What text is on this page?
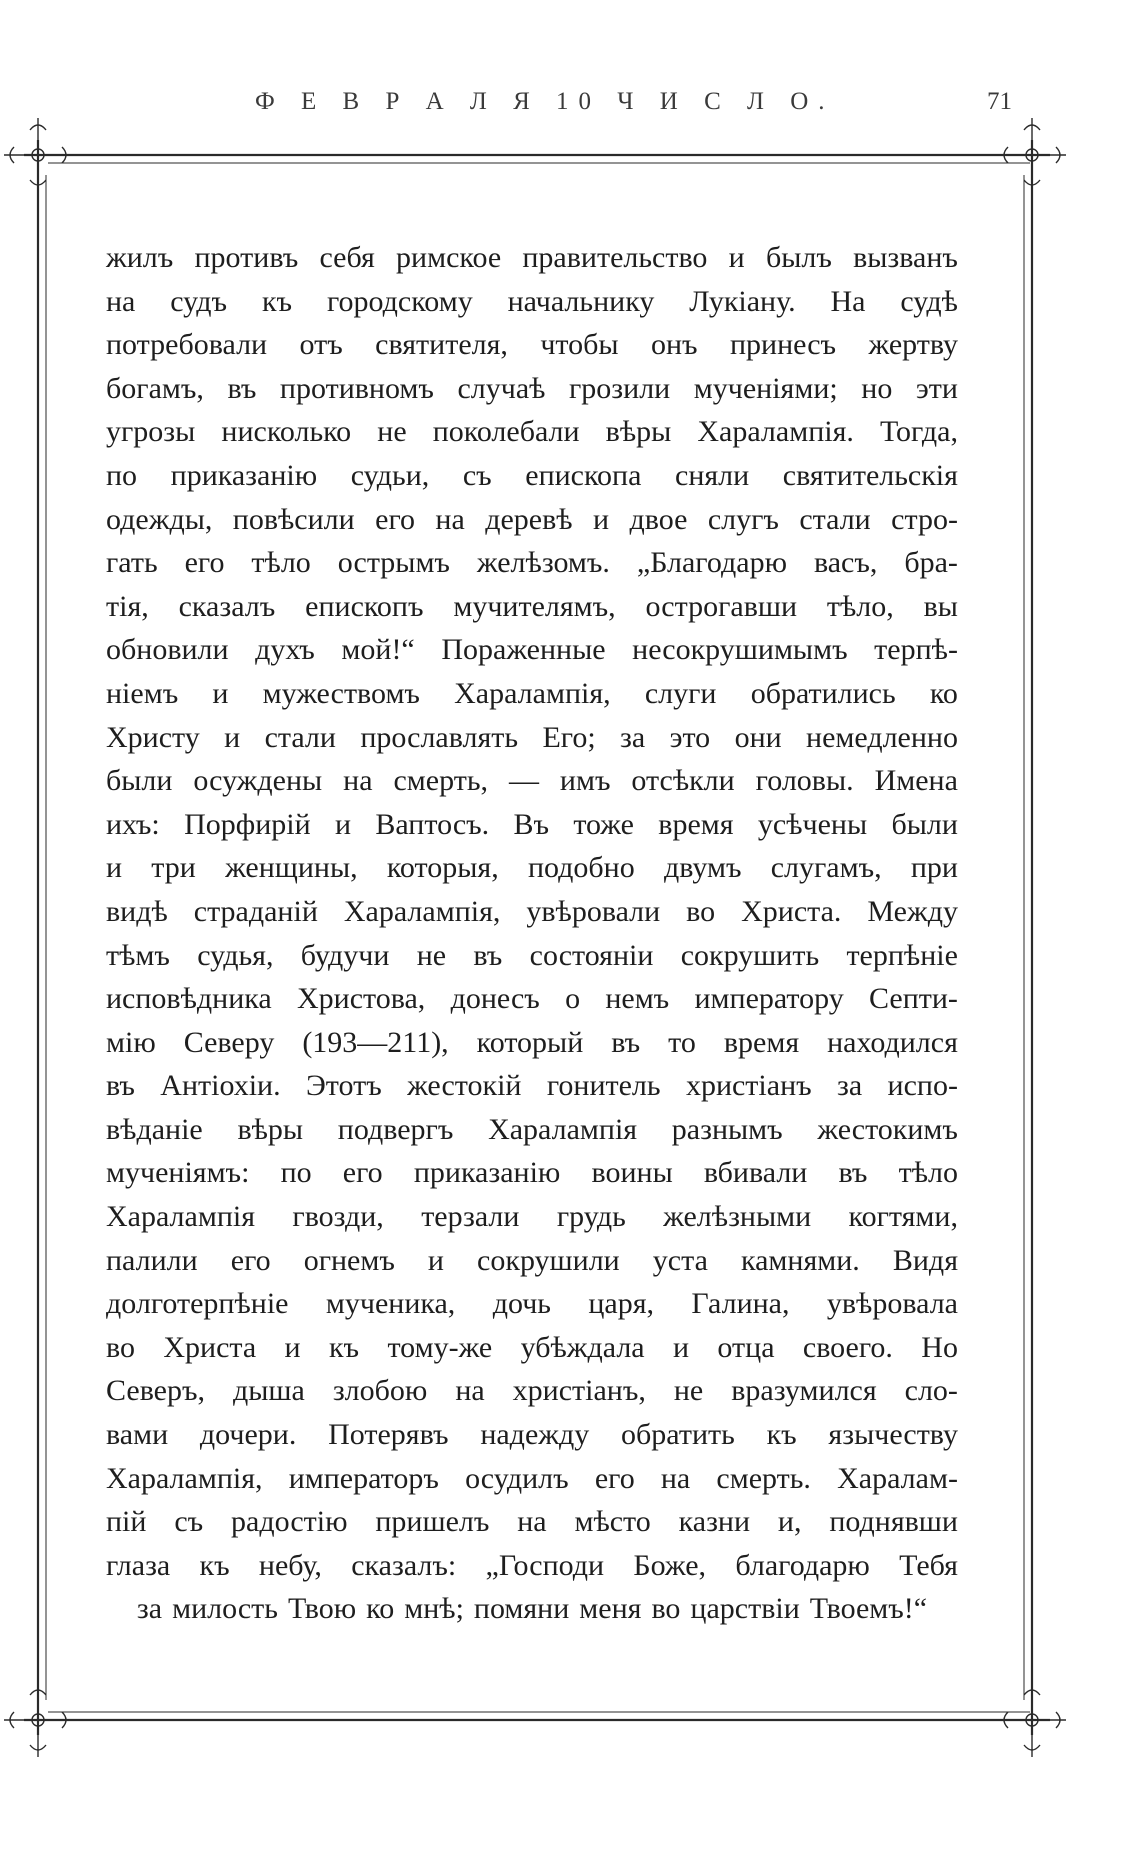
Ф Е В Р А Л Я 10 Ч И С Л О.	71
жилъ противъ себя римское правительство и былъ вызванъ
на судъ къ городскому начальнику Лукіану. На судѣ
потребовали отъ святителя, чтобы онъ принесъ жертву
богамъ, въ противномъ случаѣ грозили мученіями; но эти
угрозы нисколько не поколебали вѣры Харалампія. Тогда,
по приказанію судьи, съ епископа сняли святительскія
одежды, повѣсили его на деревѣ и двое слугъ стали стро-
гать его тѣло острымъ желѣзомъ. „Благодарю васъ, бра-
тія, сказалъ епископъ мучителямъ, острогавши тѣло, вы
обновили духъ мой!“ Пораженные несокрушимымъ терпѣ-
ніемъ и мужествомъ Харалампія, слуги обратились ко
Христу и стали прославлять Его; за это они немедленно
были осуждены на смерть, — имъ отсѣкли головы. Имена
ихъ: Порфирій и Ваптосъ. Въ тоже время усѣчены были
и три женщины, которыя, подобно двумъ слугамъ, при
видѣ страданій Харалампія, увѣровали во Христа. Между
тѣмъ судья, будучи не въ состояніи сокрушить терпѣніе
исповѣдника Христова, донесъ о немъ императору Септи-
мію Северу (193—211), который въ то время находился
въ Антіохіи. Этотъ жестокій гонитель христіанъ за испо-
вѣданіе вѣры подвергъ Харалампія разнымъ жестокимъ
мученіямъ: по его приказанію воины вбивали въ тѣло
Харалампія гвозди, терзали грудь желѣзными когтями,
палили его огнемъ и сокрушили уста камнями. Видя
долготерпѣніе мученика, дочь царя, Галина, увѣровала
во Христа и къ тому-же убѣждала и отца своего. Но
Северъ, дыша злобою на христіанъ, не вразумился сло-
вами дочери. Потерявъ надежду обратить къ язычеству
Харалампія, императоръ осудилъ его на смерть. Харалам-
пій съ радостію пришелъ на мѣсто казни и, поднявши
глаза къ небу, сказалъ: „Господи Боже, благодарю Тебя
за милость Твою ко мнѣ; помяни меня во царствіи Твоемъ!“
